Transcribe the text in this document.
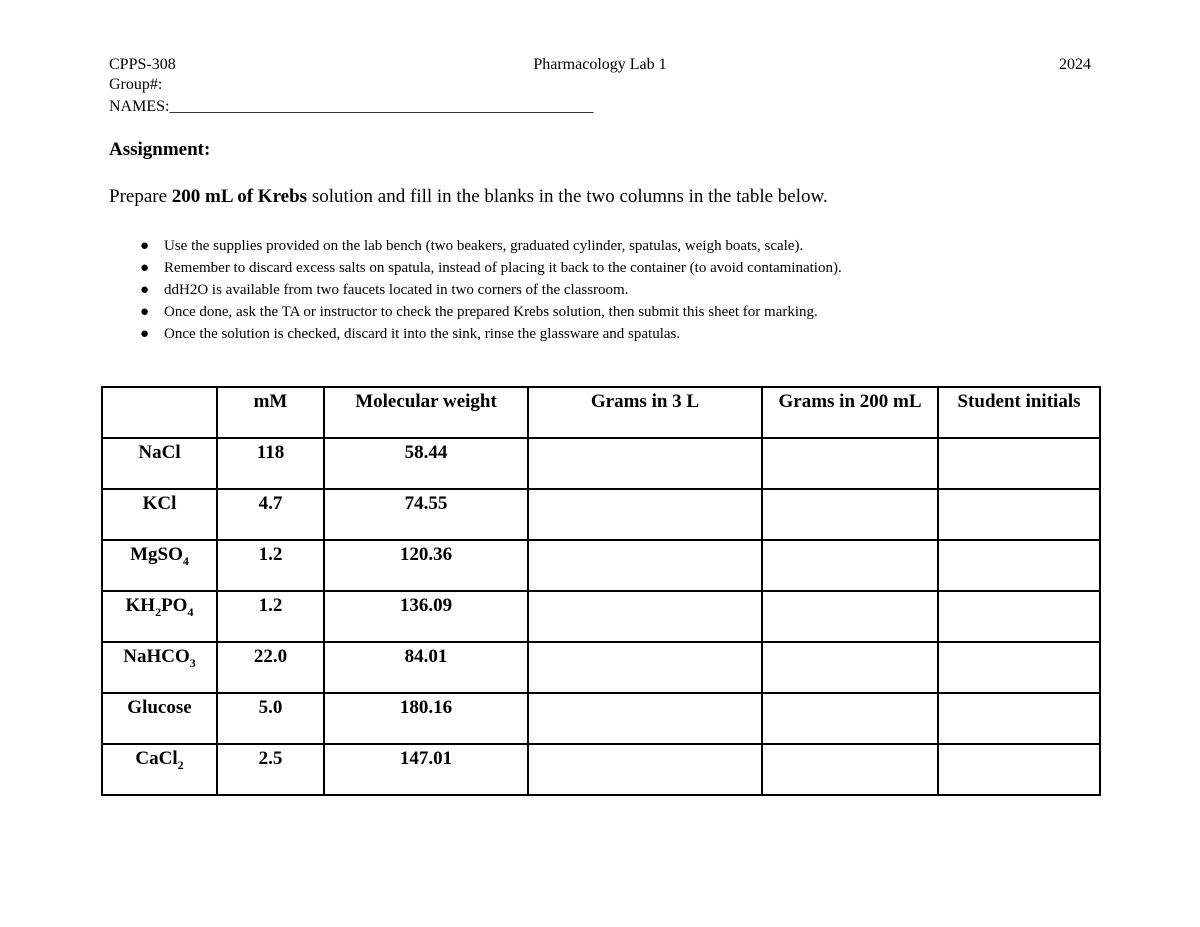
CPPS-308	Pharmacology Lab 1	2024
Group#:
NAMES:_____________________________________________________
Assignment:
Prepare 200 mL of Krebs solution and fill in the blanks in the two columns in the table below.
● Use the supplies provided on the lab bench (two beakers, graduated cylinder, spatulas, weigh boats, scale).
● Remember to discard excess salts on spatula, instead of placing it back to the container (to avoid contamination).
● ddH2O is available from two faucets located in two corners of the classroom.
● Once done, ask the TA or instructor to check the prepared Krebs solution, then submit this sheet for marking.
● Once the solution is checked, discard it into the sink, rinse the glassware and spatulas.
	mM	Molecular weight	Grams in 3 L	Grams in 200 mL	Student initials
NaCl	118	58.44			
KCl	4.7	74.55			
MgSO$_4$	1.2	120.36			
$KH_2PO_4$	1.2	136.09			
NaHCO$_3$	22.0	84.01			
Glucose	5.0	180.16			
CaCl$_2$	2.5	147.01			
